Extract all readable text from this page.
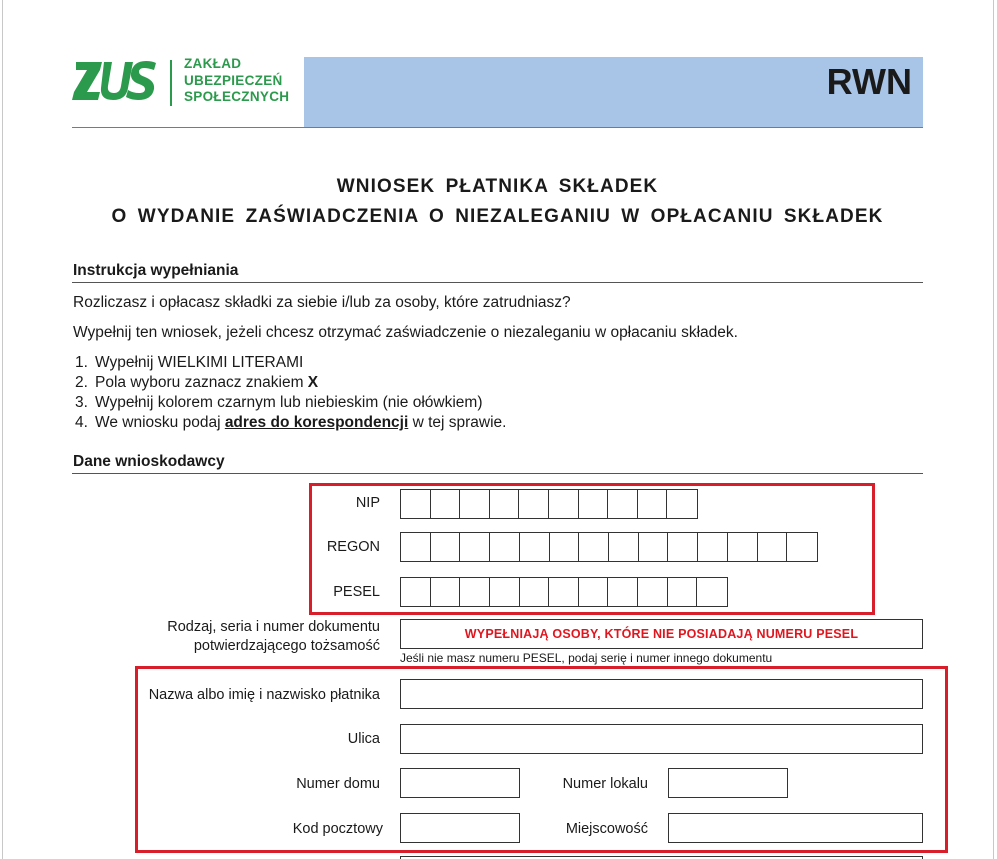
ZUS	ZAKŁAD
UBEZPIECZEŃ
SPOŁECZNYCH	RWN
WNIOSEK PŁATNIKA SKŁADEK
O WYDANIE ZAŚWIADCZENIA O NIEZALEGANIU W OPŁACANIU SKŁADEK
Instrukcja wypełniania
Rozliczasz i opłacasz składki za siebie i/lub za osoby, które zatrudniasz?
Wypełnij ten wniosek, jeżeli chcesz otrzymać zaświadczenie o niezaleganiu w opłacaniu składek.
1. Wypełnij WIELKIMI LITERAMI
2. Pola wyboru zaznacz znakiem X
3. Wypełnij kolorem czarnym lub niebieskim (nie ołówkiem)
4. We wniosku podaj adres do korespondencji w tej sprawie.
Dane wnioskodawcy
NIP
REGON
PESEL
Rodzaj, seria i numer dokumentu
potwierdzającego tożsamość
WYPEŁNIAJĄ OSOBY, KTÓRE NIE POSIADAJĄ NUMERU PESEL
Jeśli nie masz numeru PESEL, podaj serię i numer innego dokumentu
Nazwa albo imię i nazwisko płatnika
Ulica
Numer domu	Numer lokalu
Kod pocztowy	Miejscowość
